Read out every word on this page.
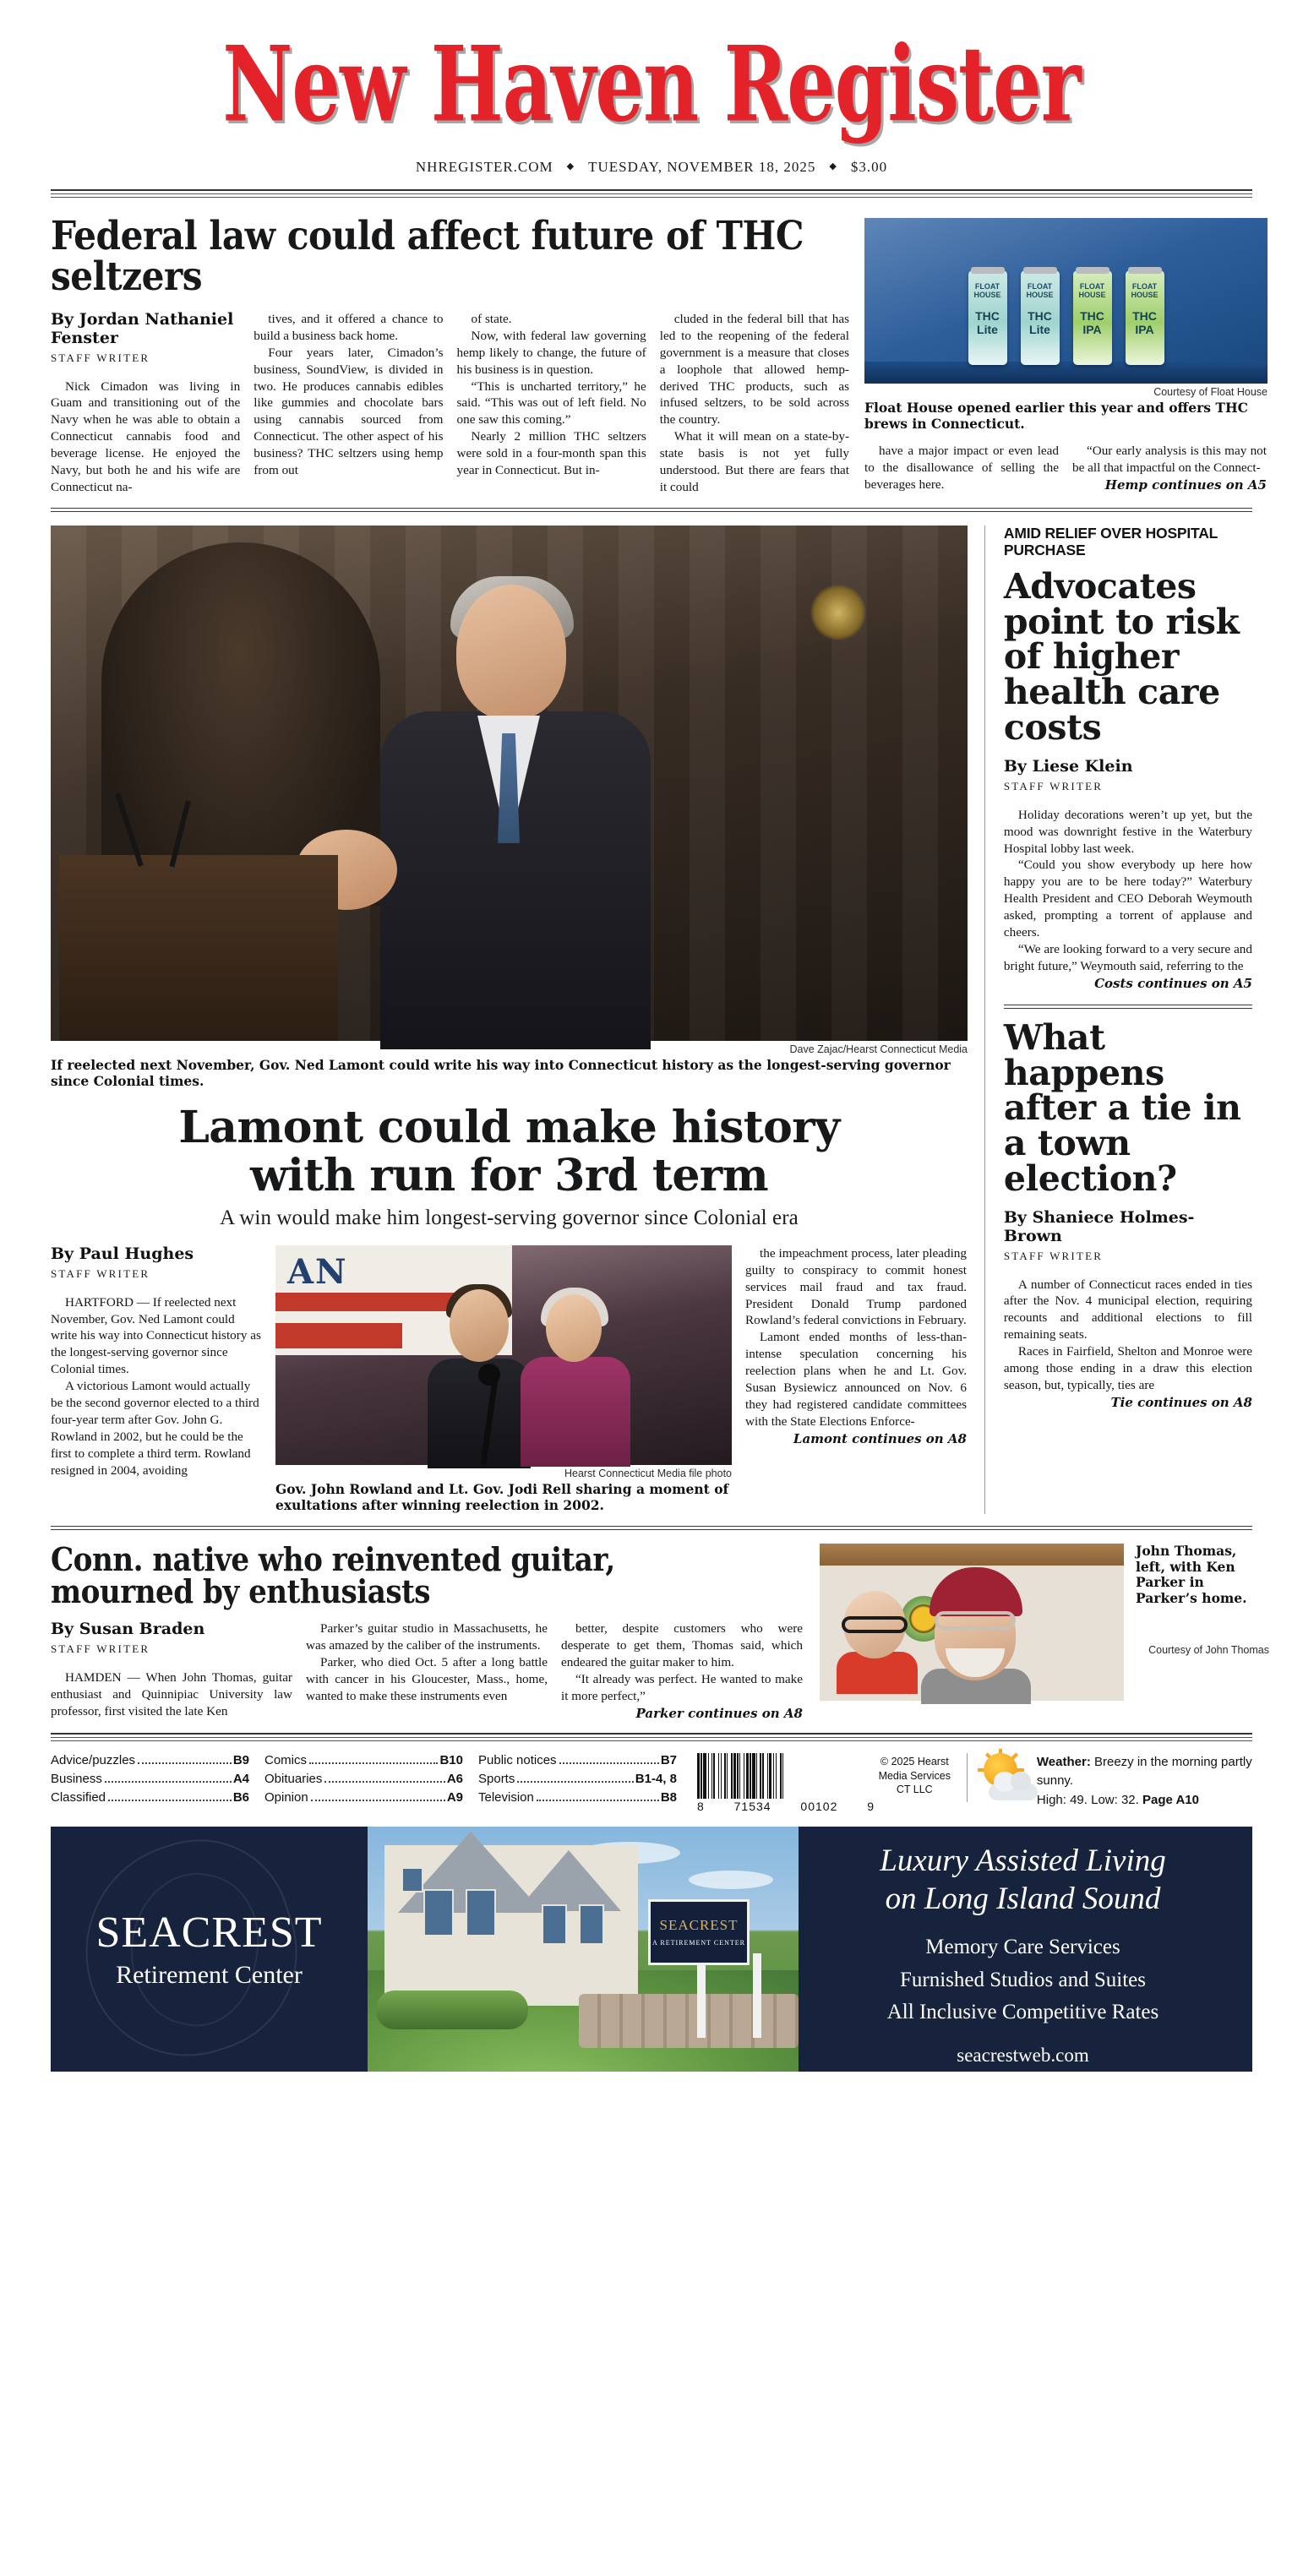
New Haven Register
NHREGISTER.COM ◆ TUESDAY, NOVEMBER 18, 2025 ◆ $3.00
Federal law could affect future of THC seltzers
By Jordan Nathaniel Fenster
STAFF WRITER

Nick Cimadon was living in Guam and transitioning out of the Navy when he was able to obtain a Connecticut cannabis food and beverage license. He enjoyed the Navy, but both he and his wife are Connecticut na-

tives, and it offered a chance to build a business back home.

Four years later, Cimadon’s business, SoundView, is divided in two. He produces cannabis edibles like gummies and chocolate bars using cannabis sourced from Connecticut. The other aspect of his business? THC seltzers using hemp from out

of state.

Now, with federal law governing hemp likely to change, the future of his business is in question.

“This is uncharted territory,” he said. “This was out of left field. No one saw this coming.”

Nearly 2 million THC seltzers were sold in a four-month span this year in Connecticut. But in-

cluded in the federal bill that has led to the reopening of the federal government is a measure that closes a loophole that allowed hemp-derived THC products, such as infused seltzers, to be sold across the country.

What it will mean on a state-by-state basis is not yet fully understood. But there are fears that it could

FLOAT HOUSE
THC Lite
FLOAT HOUSE
THC Lite
FLOAT HOUSE
THC IPA
FLOAT HOUSE
THC IPA
Courtesy of Float House
Float House opened earlier this year and offers THC brews in Connecticut.

have a major impact or even lead to the disallowance of selling the beverages here.

“Our early analysis is this may not be all that impactful on the Connect-

Hemp continues on A5
Dave Zajac/Hearst Connecticut Media
If reelected next November, Gov. Ned Lamont could write his way into Connecticut history as the longest-serving governor since Colonial times.
Lamont could make history
with run for 3rd term
A win would make him longest-serving governor since Colonial era
By Paul Hughes
STAFF WRITER

HARTFORD — If reelected next November, Gov. Ned Lamont could write his way into Connecticut history as the longest-serving governor since Colonial times.

A victorious Lamont would actually be the second governor elected to a third four-year term after Gov. John G. Rowland in 2002, but he could be the first to complete a third term. Rowland resigned in 2004, avoiding

AN
Hearst Connecticut Media file photo
Gov. John Rowland and Lt. Gov. Jodi Rell sharing a moment of exultations after winning reelection in 2002.

the impeachment process, later pleading guilty to conspiracy to commit honest services mail fraud and tax fraud. President Donald Trump pardoned Rowland’s federal convictions in February.

Lamont ended months of less-than-intense speculation concerning his reelection plans when he and Lt. Gov. Susan Bysiewicz announced on Nov. 6 they had registered candidate committees with the State Elections Enforce-

Lamont continues on A8
AMID RELIEF OVER HOSPITAL PURCHASE
Advocates point to risk of higher health care costs
By Liese Klein
STAFF WRITER

Holiday decorations weren’t up yet, but the mood was downright festive in the Waterbury Hospital lobby last week.

“Could you show everybody up here how happy you are to be here today?” Waterbury Health President and CEO Deborah Weymouth asked, prompting a torrent of applause and cheers.

“We are looking forward to a very secure and bright future,” Weymouth said, referring to the

Costs continues on A5
What happens after a tie in a town election?
By Shaniece Holmes-Brown
STAFF WRITER

A number of Connecticut races ended in ties after the Nov. 4 municipal election, requiring recounts and additional elections to fill remaining seats.

Races in Fairfield, Shelton and Monroe were among those ending in a draw this election season, but, typically, ties are

Tie continues on A8
Conn. native who reinvented guitar, mourned by enthusiasts
By Susan Braden
STAFF WRITER

HAMDEN — When John Thomas, guitar enthusiast and Quinnipiac University law professor, first visited the late Ken

Parker’s guitar studio in Massachusetts, he was amazed by the caliber of the instruments.

Parker, who died Oct. 5 after a long battle with cancer in his Gloucester, Mass., home, wanted to make these instruments even

better, despite customers who were desperate to get them, Thomas said, which endeared the guitar maker to him.

“It already was perfect. He wanted to make it more perfect,”

Parker continues on A8
John Thomas, left, with Ken Parker in Parker’s home.
Courtesy of John Thomas
Advice/puzzles	B9
Business	A4
Classified	B6
Comics	B10
Obituaries	A6
Opinion	A9
Public notices	B7
Sports	B1-4, 8
Television	B8
8 71534 00102 9
© 2025 Hearst Media Services CT LLC
Weather: Breezy in the morning partly sunny.
High: 49. Low: 32. Page A10
SEACREST
Retirement Center
SEACREST
A RETIREMENT CENTER
Luxury Assisted Living
on Long Island Sound
Memory Care Services
Furnished Studios and Suites
All Inclusive Competitive Rates
seacrestweb.com
203-931-2510 | West Haven, CT
